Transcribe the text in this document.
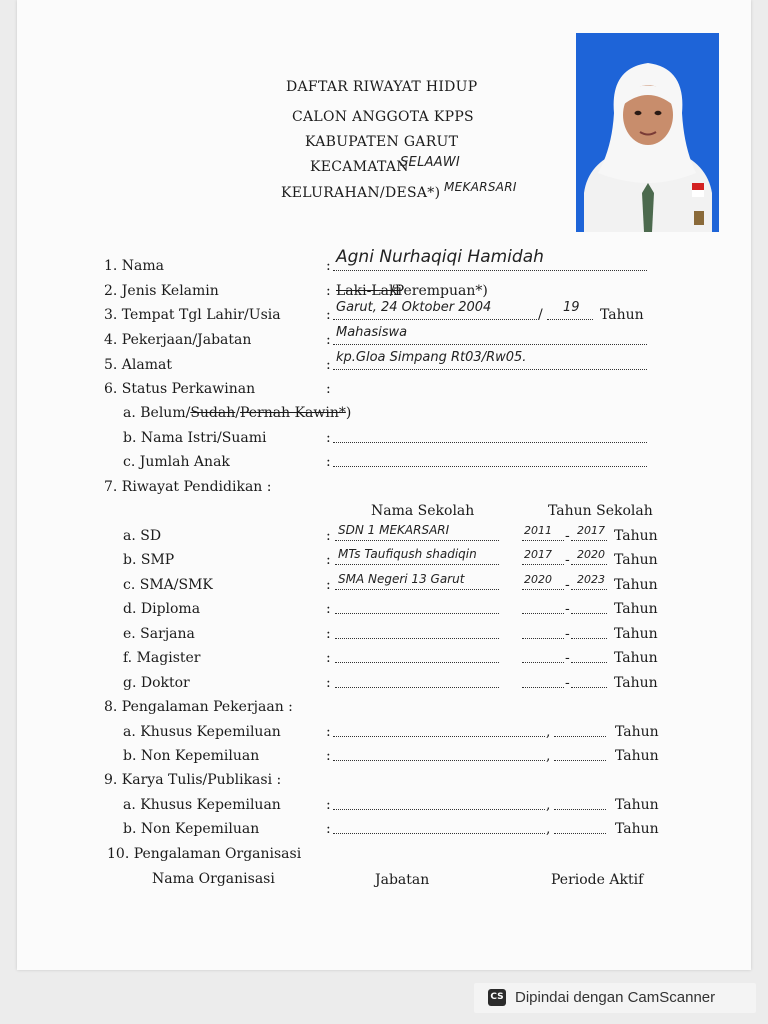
DAFTAR RIWAYAT HIDUP
CALON ANGGOTA KPPS
KABUPATEN GARUT
KECAMATAN
SELAAWI
KELURAHAN/DESA*) MEKARSARI
1. Nama	: Agni Nurhaqiqi Hamidah
2. Jenis Kelamin	: Laki-Laki
/Perempuan*)
3. Tempat Tgl Lahir/Usia	: Garut, 24 Oktober 2004	/ 19 Tahun
4. Pekerjaan/Jabatan	: Mahasiswa
5. Alamat	: kp.Gloa Simpang Rt03/Rw05.
6. Status Perkawinan	:
a. Belum/Sudah/Pernah Kawin*)
b. Nama Istri/Suami	:
c. Jumlah Anak	:
7. Riwayat Pendidikan :
Nama Sekolah	Tahun Sekolah
a. SD	: SDN 1 MEKARSARI	2011 - 2017 Tahun
b. SMP	: MTs Taufiqush shadiqin	2017 - 2020 Tahun
c. SMA/SMK	: SMA Negeri 13 Garut	2020 - 2023 Tahun
d. Diploma	:	-	Tahun
e. Sarjana	:	-	Tahun
f. Magister	:	-	Tahun
g. Doktor	:	-	Tahun
8. Pengalaman Pekerjaan :
a. Khusus Kepemiluan	:	,	Tahun
b. Non Kepemiluan	:	,	Tahun
9. Karya Tulis/Publikasi :
a. Khusus Kepemiluan	:	,	Tahun
b. Non Kepemiluan	:	,	Tahun
10. Pengalaman Organisasi
Nama Organisasi	Jabatan	Periode Aktif
CS Dipindai dengan CamScanner
